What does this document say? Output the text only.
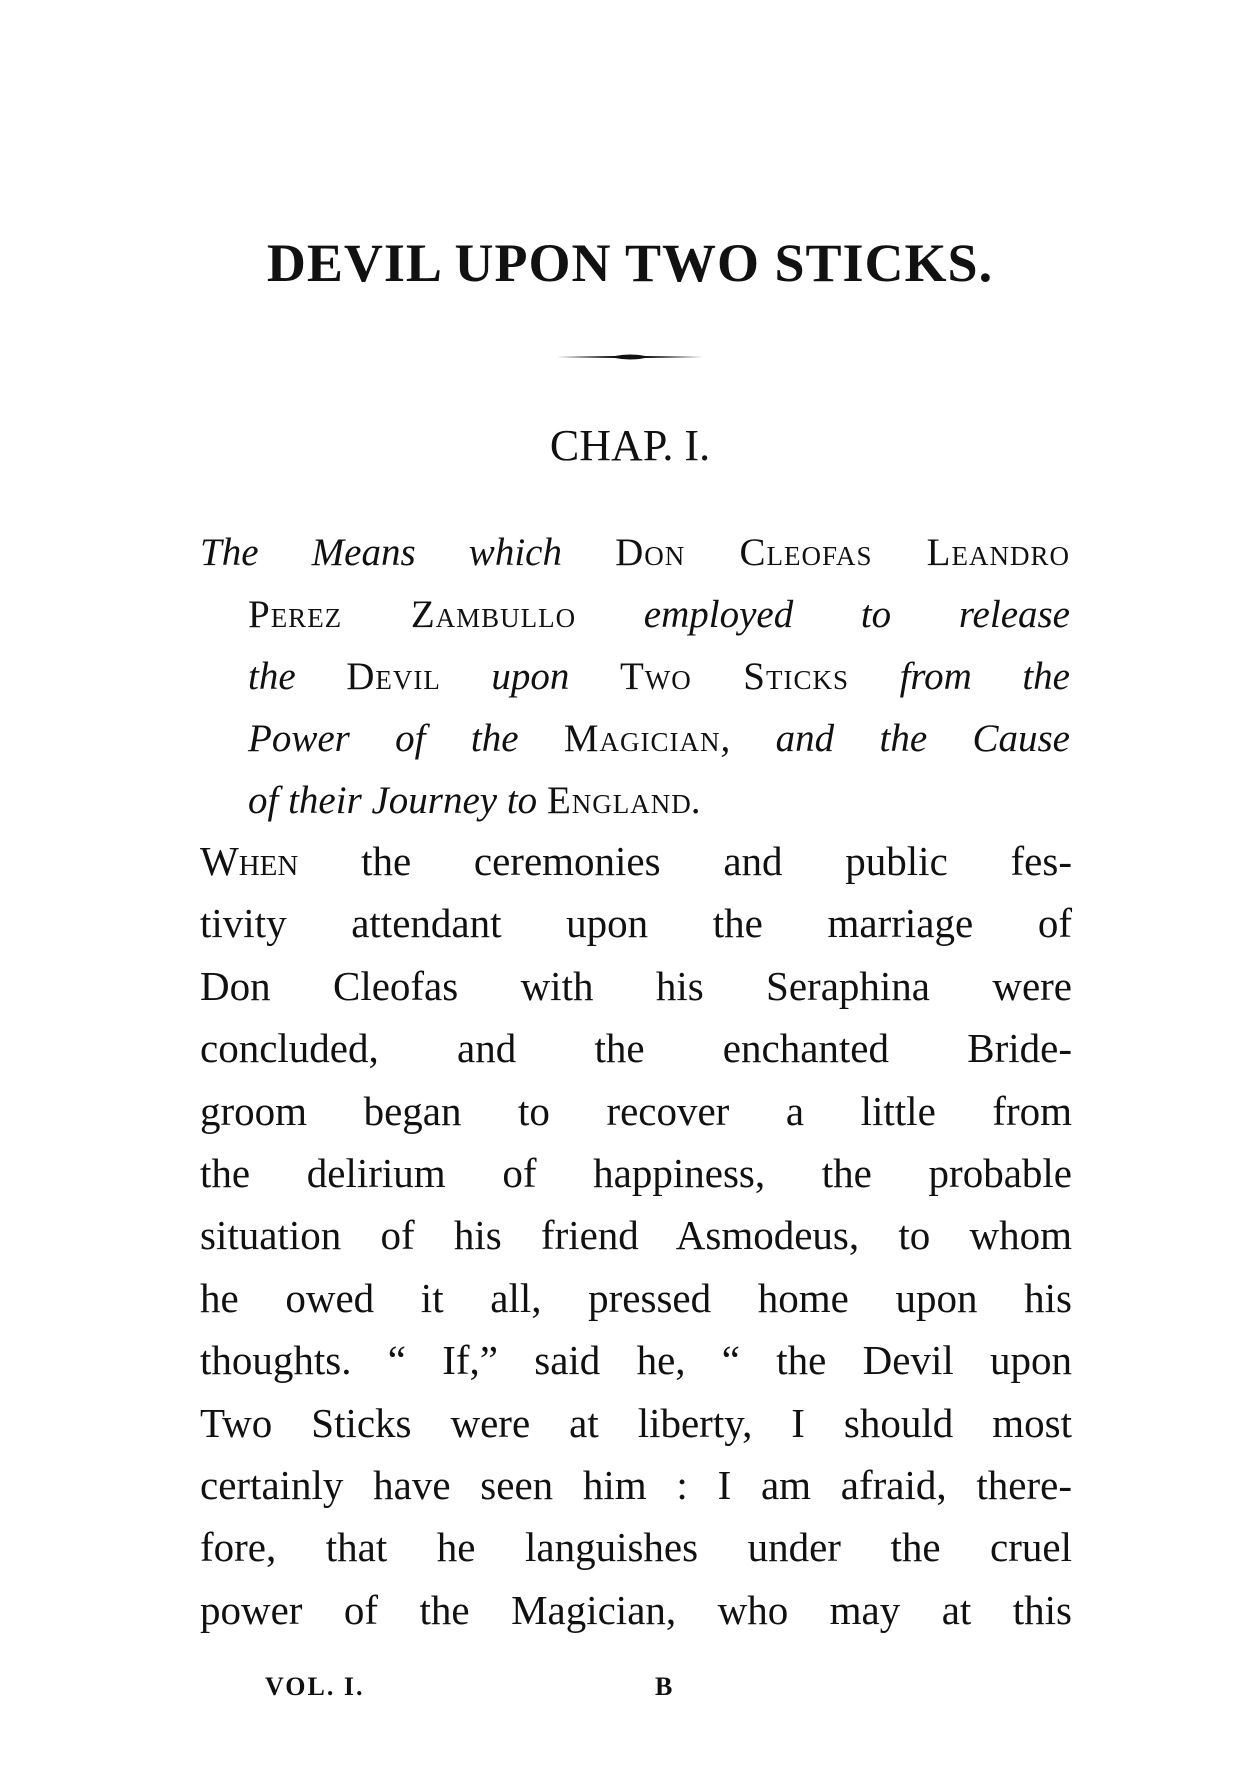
DEVIL UPON TWO STICKS.
CHAP. I.
The Means which Don Cleofas Leandro
Perez Zambullo employed to release
the Devil upon Two Sticks from the
Power of the Magician, and the Cause
of their Journey to England.
When the ceremonies and public fes-
tivity attendant upon the marriage of
Don Cleofas with his Seraphina were
concluded, and the enchanted Bride-
groom began to recover a little from
the delirium of happiness, the probable
situation of his friend Asmodeus, to whom
he owed it all, pressed home upon his
thoughts. “ If,” said he, “ the Devil upon
Two Sticks were at liberty, I should most
certainly have seen him : I am afraid, there-
fore, that he languishes under the cruel
power of the Magician, who may at this
VOL. I.	B
